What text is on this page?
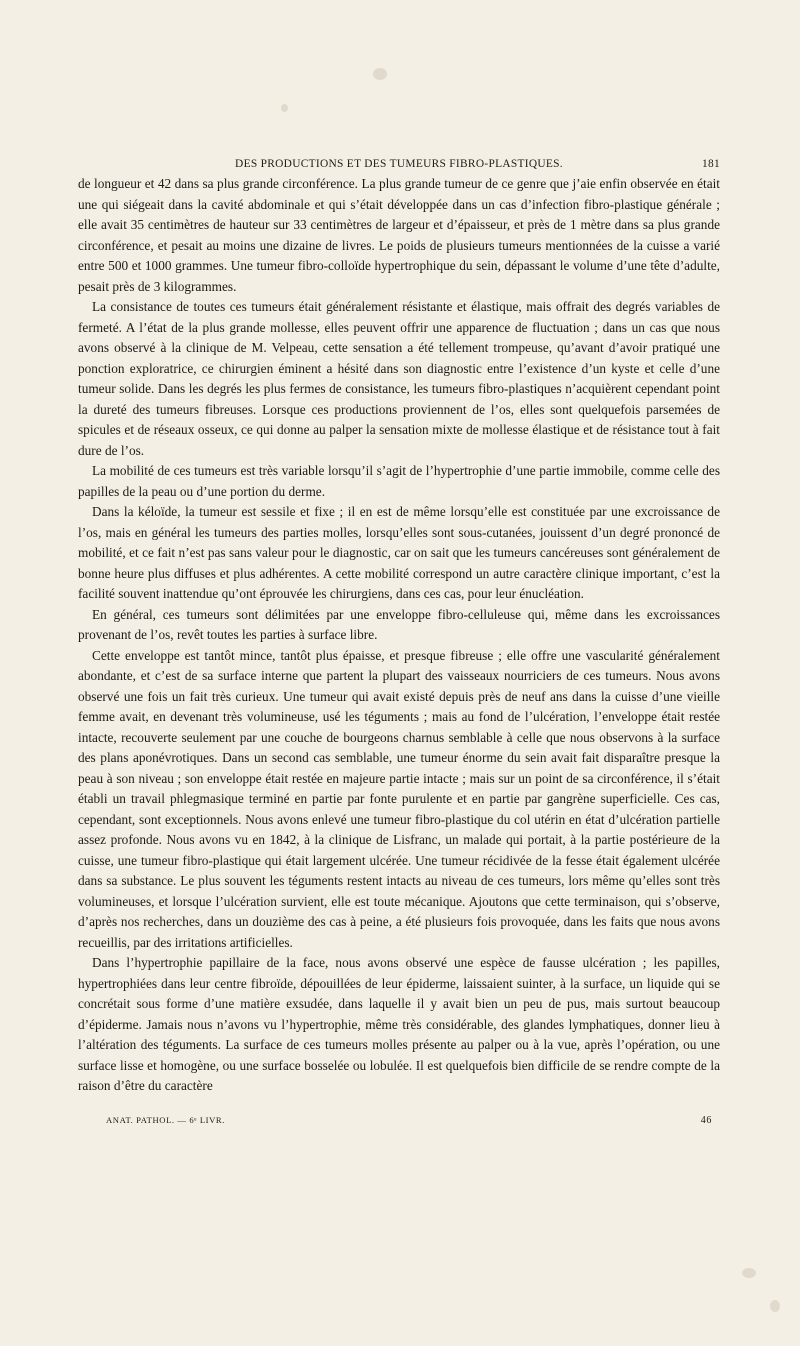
DES PRODUCTIONS ET DES TUMEURS FIBRO-PLASTIQUES.	181

de longueur et 42 dans sa plus grande circonférence. La plus grande tumeur de ce genre que j’aie enfin observée en était une qui siégeait dans la cavité abdominale et qui s’était développée dans un cas d’infection fibro-plastique générale ; elle avait 35 centimètres de hauteur sur 33 centimètres de largeur et d’épaisseur, et près de 1 mètre dans sa plus grande circonférence, et pesait au moins une dizaine de livres. Le poids de plusieurs tumeurs mentionnées de la cuisse a varié entre 500 et 1000 grammes. Une tumeur fibro-colloïde hypertrophique du sein, dépassant le volume d’une tête d’adulte, pesait près de 3 kilogrammes.

La consistance de toutes ces tumeurs était généralement résistante et élastique, mais offrait des degrés variables de fermeté. A l’état de la plus grande mollesse, elles peuvent offrir une apparence de fluctuation ; dans un cas que nous avons observé à la clinique de M. Velpeau, cette sensation a été tellement trompeuse, qu’avant d’avoir pratiqué une ponction exploratrice, ce chirurgien éminent a hésité dans son diagnostic entre l’existence d’un kyste et celle d’une tumeur solide. Dans les degrés les plus fermes de consistance, les tumeurs fibro-plastiques n’acquièrent cependant point la dureté des tumeurs fibreuses. Lorsque ces productions proviennent de l’os, elles sont quelquefois parsemées de spicules et de réseaux osseux, ce qui donne au palper la sensation mixte de mollesse élastique et de résistance tout à fait dure de l’os.

La mobilité de ces tumeurs est très variable lorsqu’il s’agit de l’hypertrophie d’une partie immobile, comme celle des papilles de la peau ou d’une portion du derme.

Dans la kéloïde, la tumeur est sessile et fixe ; il en est de même lorsqu’elle est constituée par une excroissance de l’os, mais en général les tumeurs des parties molles, lorsqu’elles sont sous-cutanées, jouissent d’un degré prononcé de mobilité, et ce fait n’est pas sans valeur pour le diagnostic, car on sait que les tumeurs cancéreuses sont généralement de bonne heure plus diffuses et plus adhérentes. A cette mobilité correspond un autre caractère clinique important, c’est la facilité souvent inattendue qu’ont éprouvée les chirurgiens, dans ces cas, pour leur énucléation.

En général, ces tumeurs sont délimitées par une enveloppe fibro-celluleuse qui, même dans les excroissances provenant de l’os, revêt toutes les parties à surface libre.

Cette enveloppe est tantôt mince, tantôt plus épaisse, et presque fibreuse ; elle offre une vascularité généralement abondante, et c’est de sa surface interne que partent la plupart des vaisseaux nourriciers de ces tumeurs. Nous avons observé une fois un fait très curieux. Une tumeur qui avait existé depuis près de neuf ans dans la cuisse d’une vieille femme avait, en devenant très volumineuse, usé les téguments ; mais au fond de l’ulcération, l’enveloppe était restée intacte, recouverte seulement par une couche de bourgeons charnus semblable à celle que nous observons à la surface des plans aponévrotiques. Dans un second cas semblable, une tumeur énorme du sein avait fait disparaître presque la peau à son niveau ; son enveloppe était restée en majeure partie intacte ; mais sur un point de sa circonférence, il s’était établi un travail phlegmasique terminé en partie par fonte purulente et en partie par gangrène superficielle. Ces cas, cependant, sont exceptionnels. Nous avons enlevé une tumeur fibro-plastique du col utérin en état d’ulcération partielle assez profonde. Nous avons vu en 1842, à la clinique de Lisfranc, un malade qui portait, à la partie postérieure de la cuisse, une tumeur fibro-plastique qui était largement ulcérée. Une tumeur récidivée de la fesse était également ulcérée dans sa substance. Le plus souvent les téguments restent intacts au niveau de ces tumeurs, lors même qu’elles sont très volumineuses, et lorsque l’ulcération survient, elle est toute mécanique. Ajoutons que cette terminaison, qui s’observe, d’après nos recherches, dans un douzième des cas à peine, a été plusieurs fois provoquée, dans les faits que nous avons recueillis, par des irritations artificielles.

Dans l’hypertrophie papillaire de la face, nous avons observé une espèce de fausse ulcération ; les papilles, hypertrophiées dans leur centre fibroïde, dépouillées de leur épiderme, laissaient suinter, à la surface, un liquide qui se concrétait sous forme d’une matière exsudée, dans laquelle il y avait bien un peu de pus, mais surtout beaucoup d’épiderme. Jamais nous n’avons vu l’hypertrophie, même très considérable, des glandes lymphatiques, donner lieu à l’altération des téguments. La surface de ces tumeurs molles présente au palper ou à la vue, après l’opération, ou une surface lisse et homogène, ou une surface bosselée ou lobulée. Il est quelquefois bien difficile de se rendre compte de la raison d’être du caractère

ANAT. PATHOL. — 6ᵉ LIVR.	46
